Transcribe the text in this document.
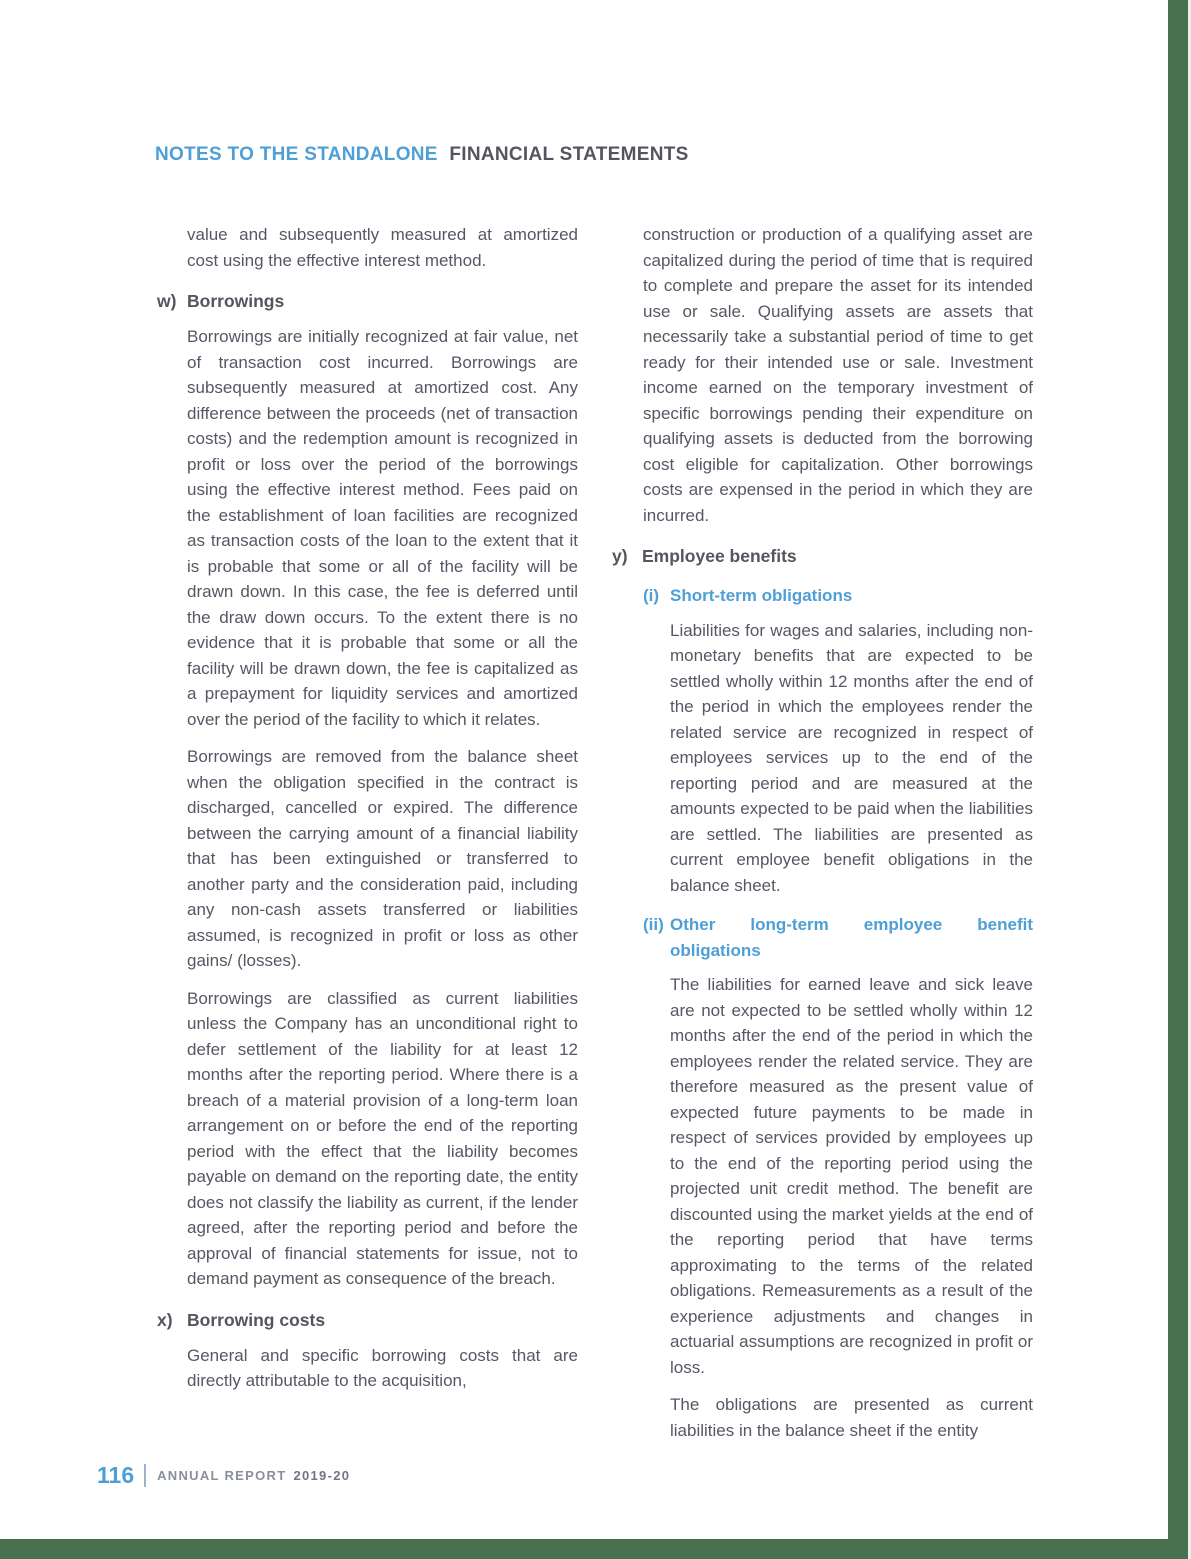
NOTES TO THE STANDALONE FINANCIAL STATEMENTS

value and subsequently measured at amortized cost using the effective interest method.

w) Borrowings

Borrowings are initially recognized at fair value, net of transaction cost incurred. Borrowings are subsequently measured at amortized cost. Any difference between the proceeds (net of transaction costs) and the redemption amount is recognized in profit or loss over the period of the borrowings using the effective interest method. Fees paid on the establishment of loan facilities are recognized as transaction costs of the loan to the extent that it is probable that some or all of the facility will be drawn down. In this case, the fee is deferred until the draw down occurs. To the extent there is no evidence that it is probable that some or all the facility will be drawn down, the fee is capitalized as a prepayment for liquidity services and amortized over the period of the facility to which it relates.

Borrowings are removed from the balance sheet when the obligation specified in the contract is discharged, cancelled or expired. The difference between the carrying amount of a financial liability that has been extinguished or transferred to another party and the consideration paid, including any non-cash assets transferred or liabilities assumed, is recognized in profit or loss as other gains/ (losses).

Borrowings are classified as current liabilities unless the Company has an unconditional right to defer settlement of the liability for at least 12 months after the reporting period. Where there is a breach of a material provision of a long-term loan arrangement on or before the end of the reporting period with the effect that the liability becomes payable on demand on the reporting date, the entity does not classify the liability as current, if the lender agreed, after the reporting period and before the approval of financial statements for issue, not to demand payment as consequence of the breach.

x) Borrowing costs

General and specific borrowing costs that are directly attributable to the acquisition,

construction or production of a qualifying asset are capitalized during the period of time that is required to complete and prepare the asset for its intended use or sale. Qualifying assets are assets that necessarily take a substantial period of time to get ready for their intended use or sale. Investment income earned on the temporary investment of specific borrowings pending their expenditure on qualifying assets is deducted from the borrowing cost eligible for capitalization. Other borrowings costs are expensed in the period in which they are incurred.

y) Employee benefits
(i) Short-term obligations

Liabilities for wages and salaries, including non-monetary benefits that are expected to be settled wholly within 12 months after the end of the period in which the employees render the related service are recognized in respect of employees services up to the end of the reporting period and are measured at the amounts expected to be paid when the liabilities are settled. The liabilities are presented as current employee benefit obligations in the balance sheet.

(ii) Other long-term employee benefit obligations

The liabilities for earned leave and sick leave are not expected to be settled wholly within 12 months after the end of the period in which the employees render the related service. They are therefore measured as the present value of expected future payments to be made in respect of services provided by employees up to the end of the reporting period using the projected unit credit method. The benefit are discounted using the market yields at the end of the reporting period that have terms approximating to the terms of the related obligations. Remeasurements as a result of the experience adjustments and changes in actuarial assumptions are recognized in profit or loss.

The obligations are presented as current liabilities in the balance sheet if the entity

116 ANNUAL REPORT 2019-20
